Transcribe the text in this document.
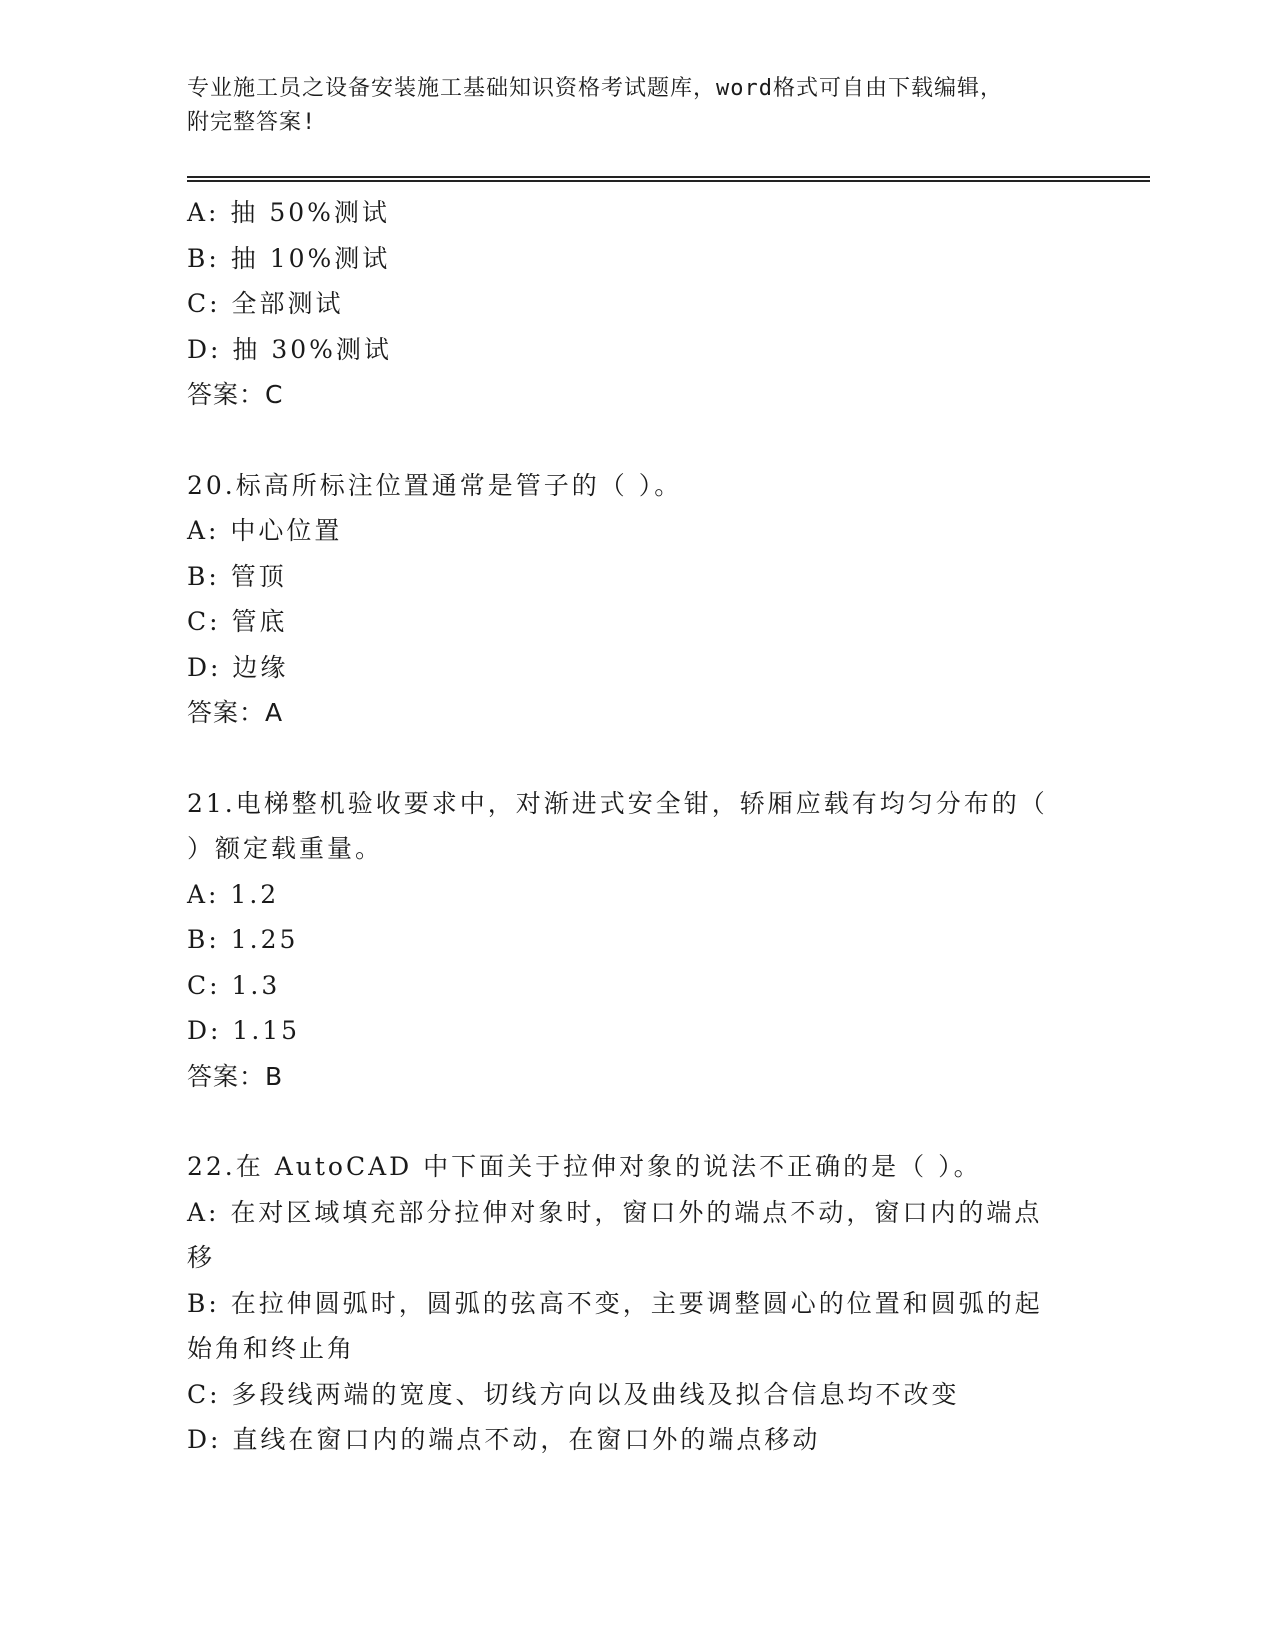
专业施工员之设备安装施工基础知识资格考试题库，word格式可自由下载编辑，
附完整答案!

A: 抽 50%测试

B: 抽 10%测试

C: 全部测试

D: 抽 30%测试

答案：C

20.标高所标注位置通常是管子的（ ）。

A: 中心位置

B: 管顶

C: 管底

D: 边缘

答案：A

21.电梯整机验收要求中，对渐进式安全钳，轿厢应载有均匀分布的（

）额定载重量。

A: 1.2

B: 1.25

C: 1.3

D: 1.15

答案：B

22.在 AutoCAD 中下面关于拉伸对象的说法不正确的是（ ）。

A: 在对区域填充部分拉伸对象时，窗口外的端点不动，窗口内的端点

移

B: 在拉伸圆弧时，圆弧的弦高不变，主要调整圆心的位置和圆弧的起

始角和终止角

C: 多段线两端的宽度、切线方向以及曲线及拟合信息均不改变

D: 直线在窗口内的端点不动，在窗口外的端点移动
